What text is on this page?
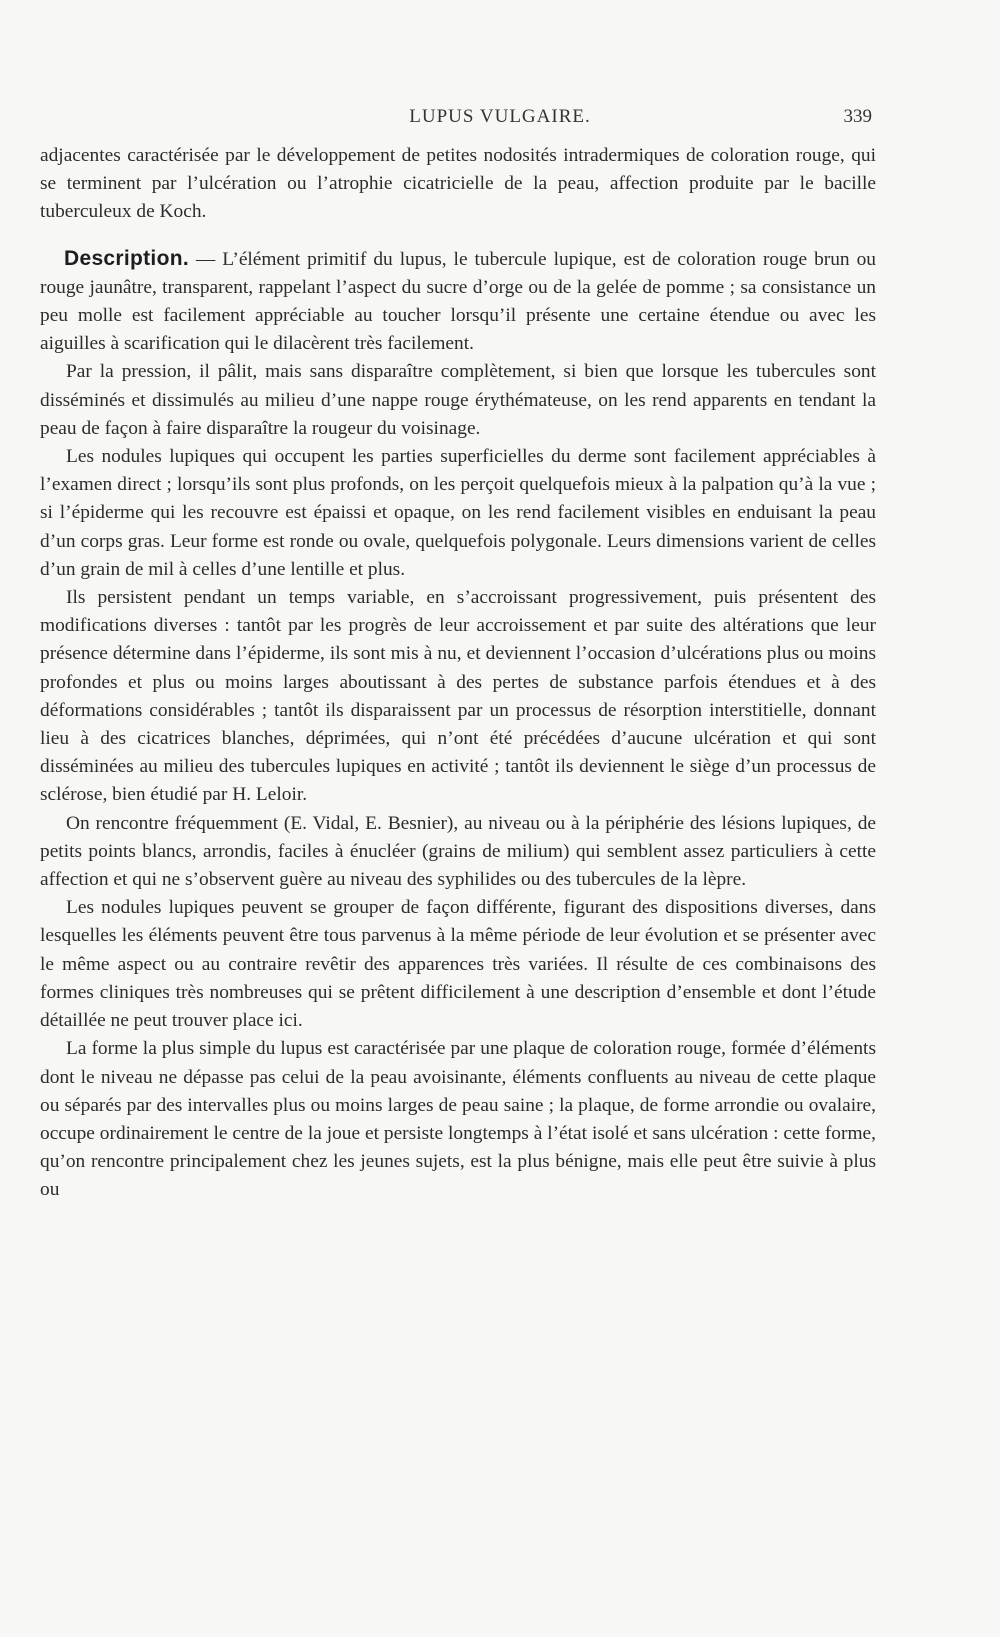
LUPUS VULGAIRE.	339

adjacentes caractérisée par le développement de petites nodosités intradermiques de coloration rouge, qui se terminent par l’ulcération ou l’atrophie cicatricielle de la peau, affection produite par le bacille tuberculeux de Koch.

Description. — L’élément primitif du lupus, le tubercule lupique, est de coloration rouge brun ou rouge jaunâtre, transparent, rappelant l’aspect du sucre d’orge ou de la gelée de pomme ; sa consistance un peu molle est facilement appréciable au toucher lorsqu’il présente une certaine étendue ou avec les aiguilles à scarification qui le dilacèrent très facilement.

Par la pression, il pâlit, mais sans disparaître complètement, si bien que lorsque les tubercules sont disséminés et dissimulés au milieu d’une nappe rouge érythémateuse, on les rend apparents en tendant la peau de façon à faire disparaître la rougeur du voisinage.

Les nodules lupiques qui occupent les parties superficielles du derme sont facilement appréciables à l’examen direct ; lorsqu’ils sont plus profonds, on les perçoit quelquefois mieux à la palpation qu’à la vue ; si l’épiderme qui les recouvre est épaissi et opaque, on les rend facilement visibles en enduisant la peau d’un corps gras. Leur forme est ronde ou ovale, quelquefois polygonale. Leurs dimensions varient de celles d’un grain de mil à celles d’une lentille et plus.

Ils persistent pendant un temps variable, en s’accroissant progressivement, puis présentent des modifications diverses : tantôt par les progrès de leur accroissement et par suite des altérations que leur présence détermine dans l’épiderme, ils sont mis à nu, et deviennent l’occasion d’ulcérations plus ou moins profondes et plus ou moins larges aboutissant à des pertes de substance parfois étendues et à des déformations considérables ; tantôt ils disparaissent par un processus de résorption interstitielle, donnant lieu à des cicatrices blanches, déprimées, qui n’ont été précédées d’aucune ulcération et qui sont disséminées au milieu des tubercules lupiques en activité ; tantôt ils deviennent le siège d’un processus de sclérose, bien étudié par H. Leloir.

On rencontre fréquemment (E. Vidal, E. Besnier), au niveau ou à la périphérie des lésions lupiques, de petits points blancs, arrondis, faciles à énucléer (grains de milium) qui semblent assez particuliers à cette affection et qui ne s’observent guère au niveau des syphilides ou des tubercules de la lèpre.

Les nodules lupiques peuvent se grouper de façon différente, figurant des dispositions diverses, dans lesquelles les éléments peuvent être tous parvenus à la même période de leur évolution et se présenter avec le même aspect ou au contraire revêtir des apparences très variées. Il résulte de ces combinaisons des formes cliniques très nombreuses qui se prêtent difficilement à une description d’ensemble et dont l’étude détaillée ne peut trouver place ici.

La forme la plus simple du lupus est caractérisée par une plaque de coloration rouge, formée d’éléments dont le niveau ne dépasse pas celui de la peau avoisinante, éléments confluents au niveau de cette plaque ou séparés par des intervalles plus ou moins larges de peau saine ; la plaque, de forme arrondie ou ovalaire, occupe ordinairement le centre de la joue et persiste longtemps à l’état isolé et sans ulcération : cette forme, qu’on rencontre principalement chez les jeunes sujets, est la plus bénigne, mais elle peut être suivie à plus ou
